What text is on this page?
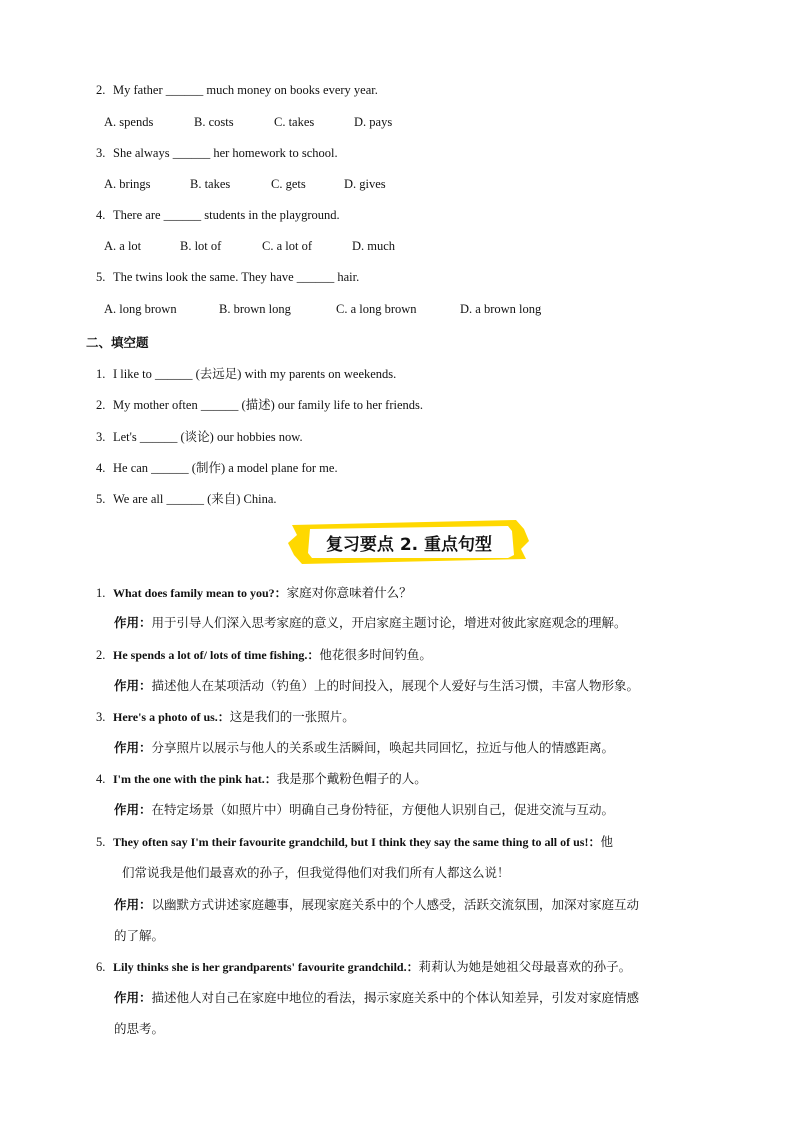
2. My father ______ much money on books every year.
A. spends	B. costs	C. takes	D. pays
3. She always ______ her homework to school.
A. brings	B. takes	C. gets	D. gives
4. There are ______ students in the playground.
A. a lot	B. lot of	C. a lot of	D. much
5. The twins look the same. They have ______ hair.
A. long brown	B. brown long	C. a long brown	D. a brown long
二、填空题
1. I like to ______ (去远足) with my parents on weekends.
2. My mother often ______ (描述) our family life to her friends.
3. Let's ______ (谈论) our hobbies now.
4. He can ______ (制作) a model plane for me.
5. We are all ______ (来自) China.
复习要点 2. 重点句型
1. What does family mean to you?：家庭对你意味着什么？
作用：用于引导人们深入思考家庭的意义，开启家庭主题讨论，增进对彼此家庭观念的理解。
2. He spends a lot of/ lots of time fishing.：他花很多时间钓鱼。
作用：描述他人在某项活动（钓鱼）上的时间投入，展现个人爱好与生活习惯，丰富人物形象。
3. Here's a photo of us.：这是我们的一张照片。
作用：分享照片以展示与他人的关系或生活瞬间，唤起共同回忆，拉近与他人的情感距离。
4. I'm the one with the pink hat.：我是那个戴粉色帽子的人。
作用：在特定场景（如照片中）明确自己身份特征，方便他人识别自己，促进交流与互动。
5. They often say I'm their favourite grandchild, but I think they say the same thing to all of us!：他
们常说我是他们最喜欢的孙子，但我觉得他们对我们所有人都这么说！
作用：以幽默方式讲述家庭趣事，展现家庭关系中的个人感受，活跃交流氛围，加深对家庭互动
的了解。
6. Lily thinks she is her grandparents' favourite grandchild.：莉莉认为她是她祖父母最喜欢的孙子。
作用：描述他人对自己在家庭中地位的看法，揭示家庭关系中的个体认知差异，引发对家庭情感
的思考。
